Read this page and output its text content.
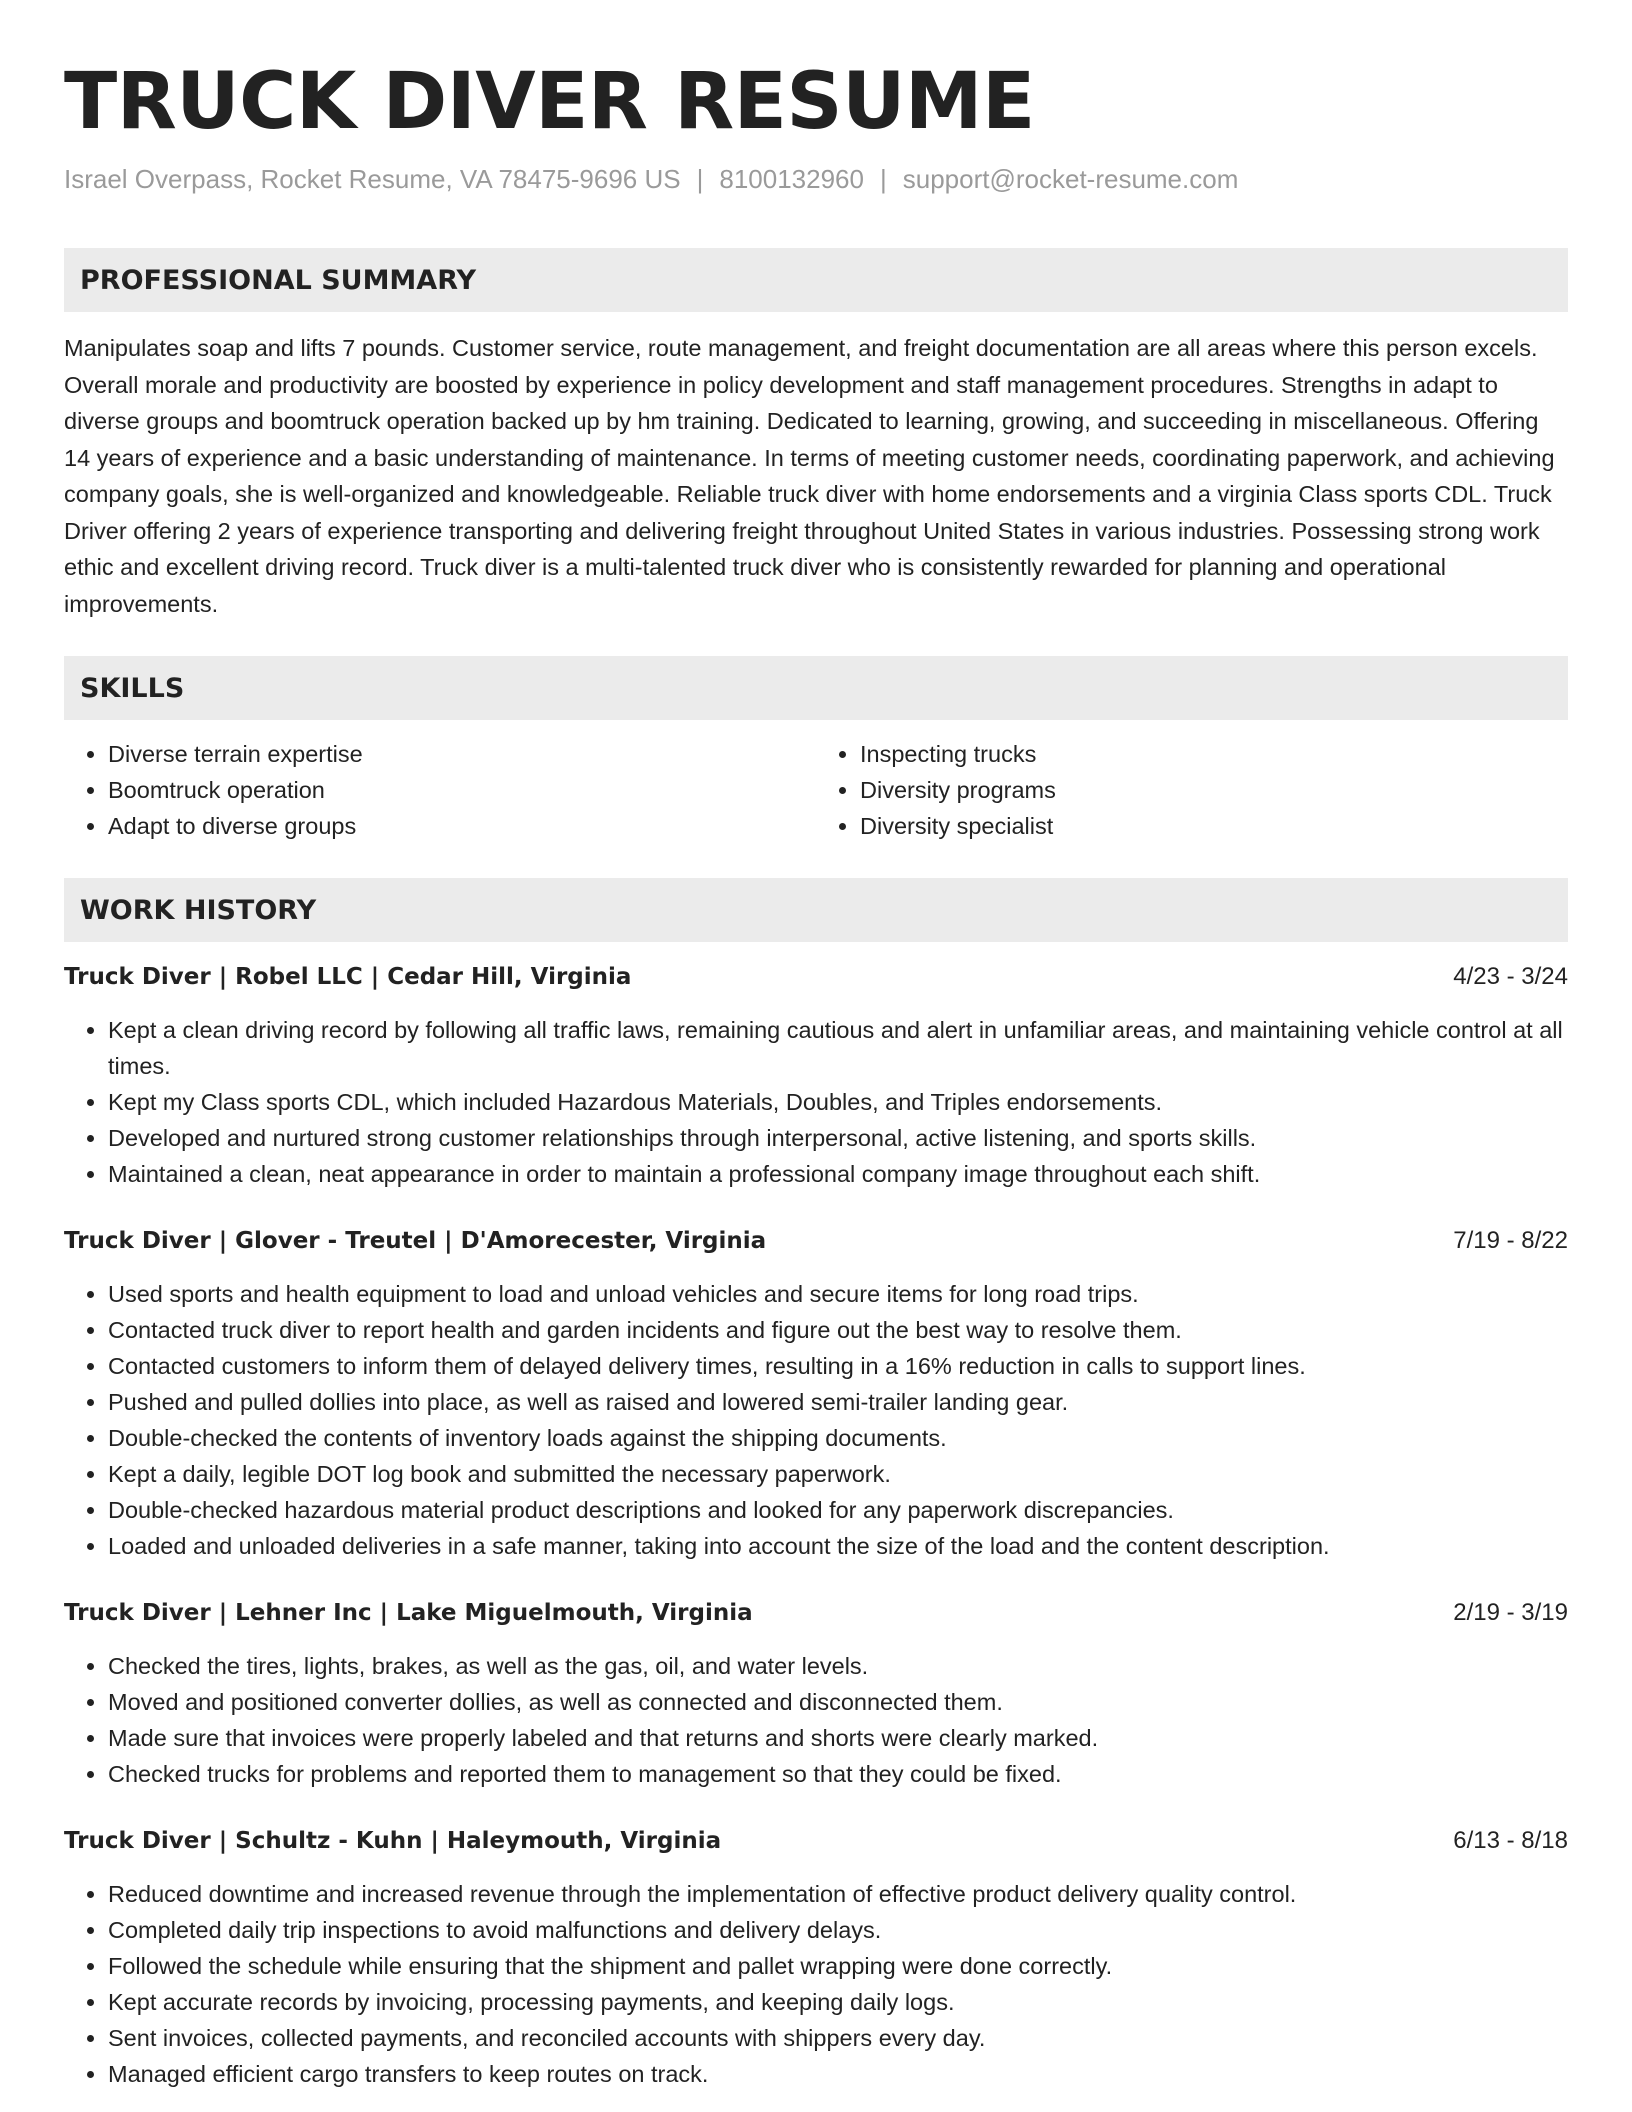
TRUCK DIVER RESUME
Israel Overpass, Rocket Resume, VA 78475-9696 US | 8100132960 | support@rocket-resume.com
PROFESSIONAL SUMMARY
Manipulates soap and lifts 7 pounds. Customer service, route management, and freight documentation are all areas where this person excels. Overall morale and productivity are boosted by experience in policy development and staff management procedures. Strengths in adapt to diverse groups and boomtruck operation backed up by hm training. Dedicated to learning, growing, and succeeding in miscellaneous. Offering 14 years of experience and a basic understanding of maintenance. In terms of meeting customer needs, coordinating paperwork, and achieving company goals, she is well-organized and knowledgeable. Reliable truck diver with home endorsements and a virginia Class sports CDL. Truck Driver offering 2 years of experience transporting and delivering freight throughout United States in various industries. Possessing strong work ethic and excellent driving record. Truck diver is a multi-talented truck diver who is consistently rewarded for planning and operational improvements.
SKILLS
• Diverse terrain expertise
• Boomtruck operation
• Adapt to diverse groups
• Inspecting trucks
• Diversity programs
• Diversity specialist
WORK HISTORY
Truck Diver | Robel LLC | Cedar Hill, Virginia	4/23 - 3/24
• Kept a clean driving record by following all traffic laws, remaining cautious and alert in unfamiliar areas, and maintaining vehicle control at all times.
• Kept my Class sports CDL, which included Hazardous Materials, Doubles, and Triples endorsements.
• Developed and nurtured strong customer relationships through interpersonal, active listening, and sports skills.
• Maintained a clean, neat appearance in order to maintain a professional company image throughout each shift.
Truck Diver | Glover - Treutel | D'Amorecester, Virginia	7/19 - 8/22
• Used sports and health equipment to load and unload vehicles and secure items for long road trips.
• Contacted truck diver to report health and garden incidents and figure out the best way to resolve them.
• Contacted customers to inform them of delayed delivery times, resulting in a 16% reduction in calls to support lines.
• Pushed and pulled dollies into place, as well as raised and lowered semi-trailer landing gear.
• Double-checked the contents of inventory loads against the shipping documents.
• Kept a daily, legible DOT log book and submitted the necessary paperwork.
• Double-checked hazardous material product descriptions and looked for any paperwork discrepancies.
• Loaded and unloaded deliveries in a safe manner, taking into account the size of the load and the content description.
Truck Diver | Lehner Inc | Lake Miguelmouth, Virginia	2/19 - 3/19
• Checked the tires, lights, brakes, as well as the gas, oil, and water levels.
• Moved and positioned converter dollies, as well as connected and disconnected them.
• Made sure that invoices were properly labeled and that returns and shorts were clearly marked.
• Checked trucks for problems and reported them to management so that they could be fixed.
Truck Diver | Schultz - Kuhn | Haleymouth, Virginia	6/13 - 8/18
• Reduced downtime and increased revenue through the implementation of effective product delivery quality control.
• Completed daily trip inspections to avoid malfunctions and delivery delays.
• Followed the schedule while ensuring that the shipment and pallet wrapping were done correctly.
• Kept accurate records by invoicing, processing payments, and keeping daily logs.
• Sent invoices, collected payments, and reconciled accounts with shippers every day.
• Managed efficient cargo transfers to keep routes on track.
